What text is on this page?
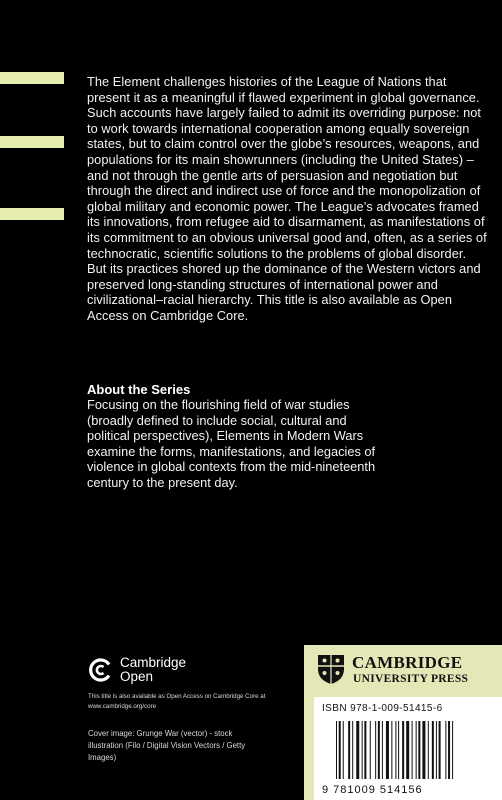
The Element challenges histories of the League of Nations that present it as a meaningful if flawed experiment in global governance. Such accounts have largely failed to admit its overriding purpose: not to work towards international cooperation among equally sovereign states, but to claim control over the globe’s resources, weapons, and populations for its main showrunners (including the United States) – and not through the gentle arts of persuasion and negotiation but through the direct and indirect use of force and the monopolization of global military and economic power. The League’s advocates framed its innovations, from refugee aid to disarmament, as manifestations of its commitment to an obvious universal good and, often, as a series of technocratic, scientific solutions to the problems of global disorder. But its practices shored up the dominance of the Western victors and preserved long-standing structures of international power and civilizational–racial hierarchy. This title is also available as Open Access on Cambridge Core.

About the Series

Focusing on the flourishing field of war studies (broadly defined to include social, cultural and political perspectives), Elements in Modern Wars examine the forms, manifestations, and legacies of violence in global contexts from the mid-nineteenth century to the present day.

Cambridge
Open

This title is also available as Open Access on Cambridge Core at www.cambridge.org/core

Cover image: Grunge War (vector) - stock illustration (Filo / Digital Vision Vectors / Getty Images)

CAMBRIDGE
UNIVERSITY PRESS
ISBN 978-1-009-51415-6
9 781009 514156
